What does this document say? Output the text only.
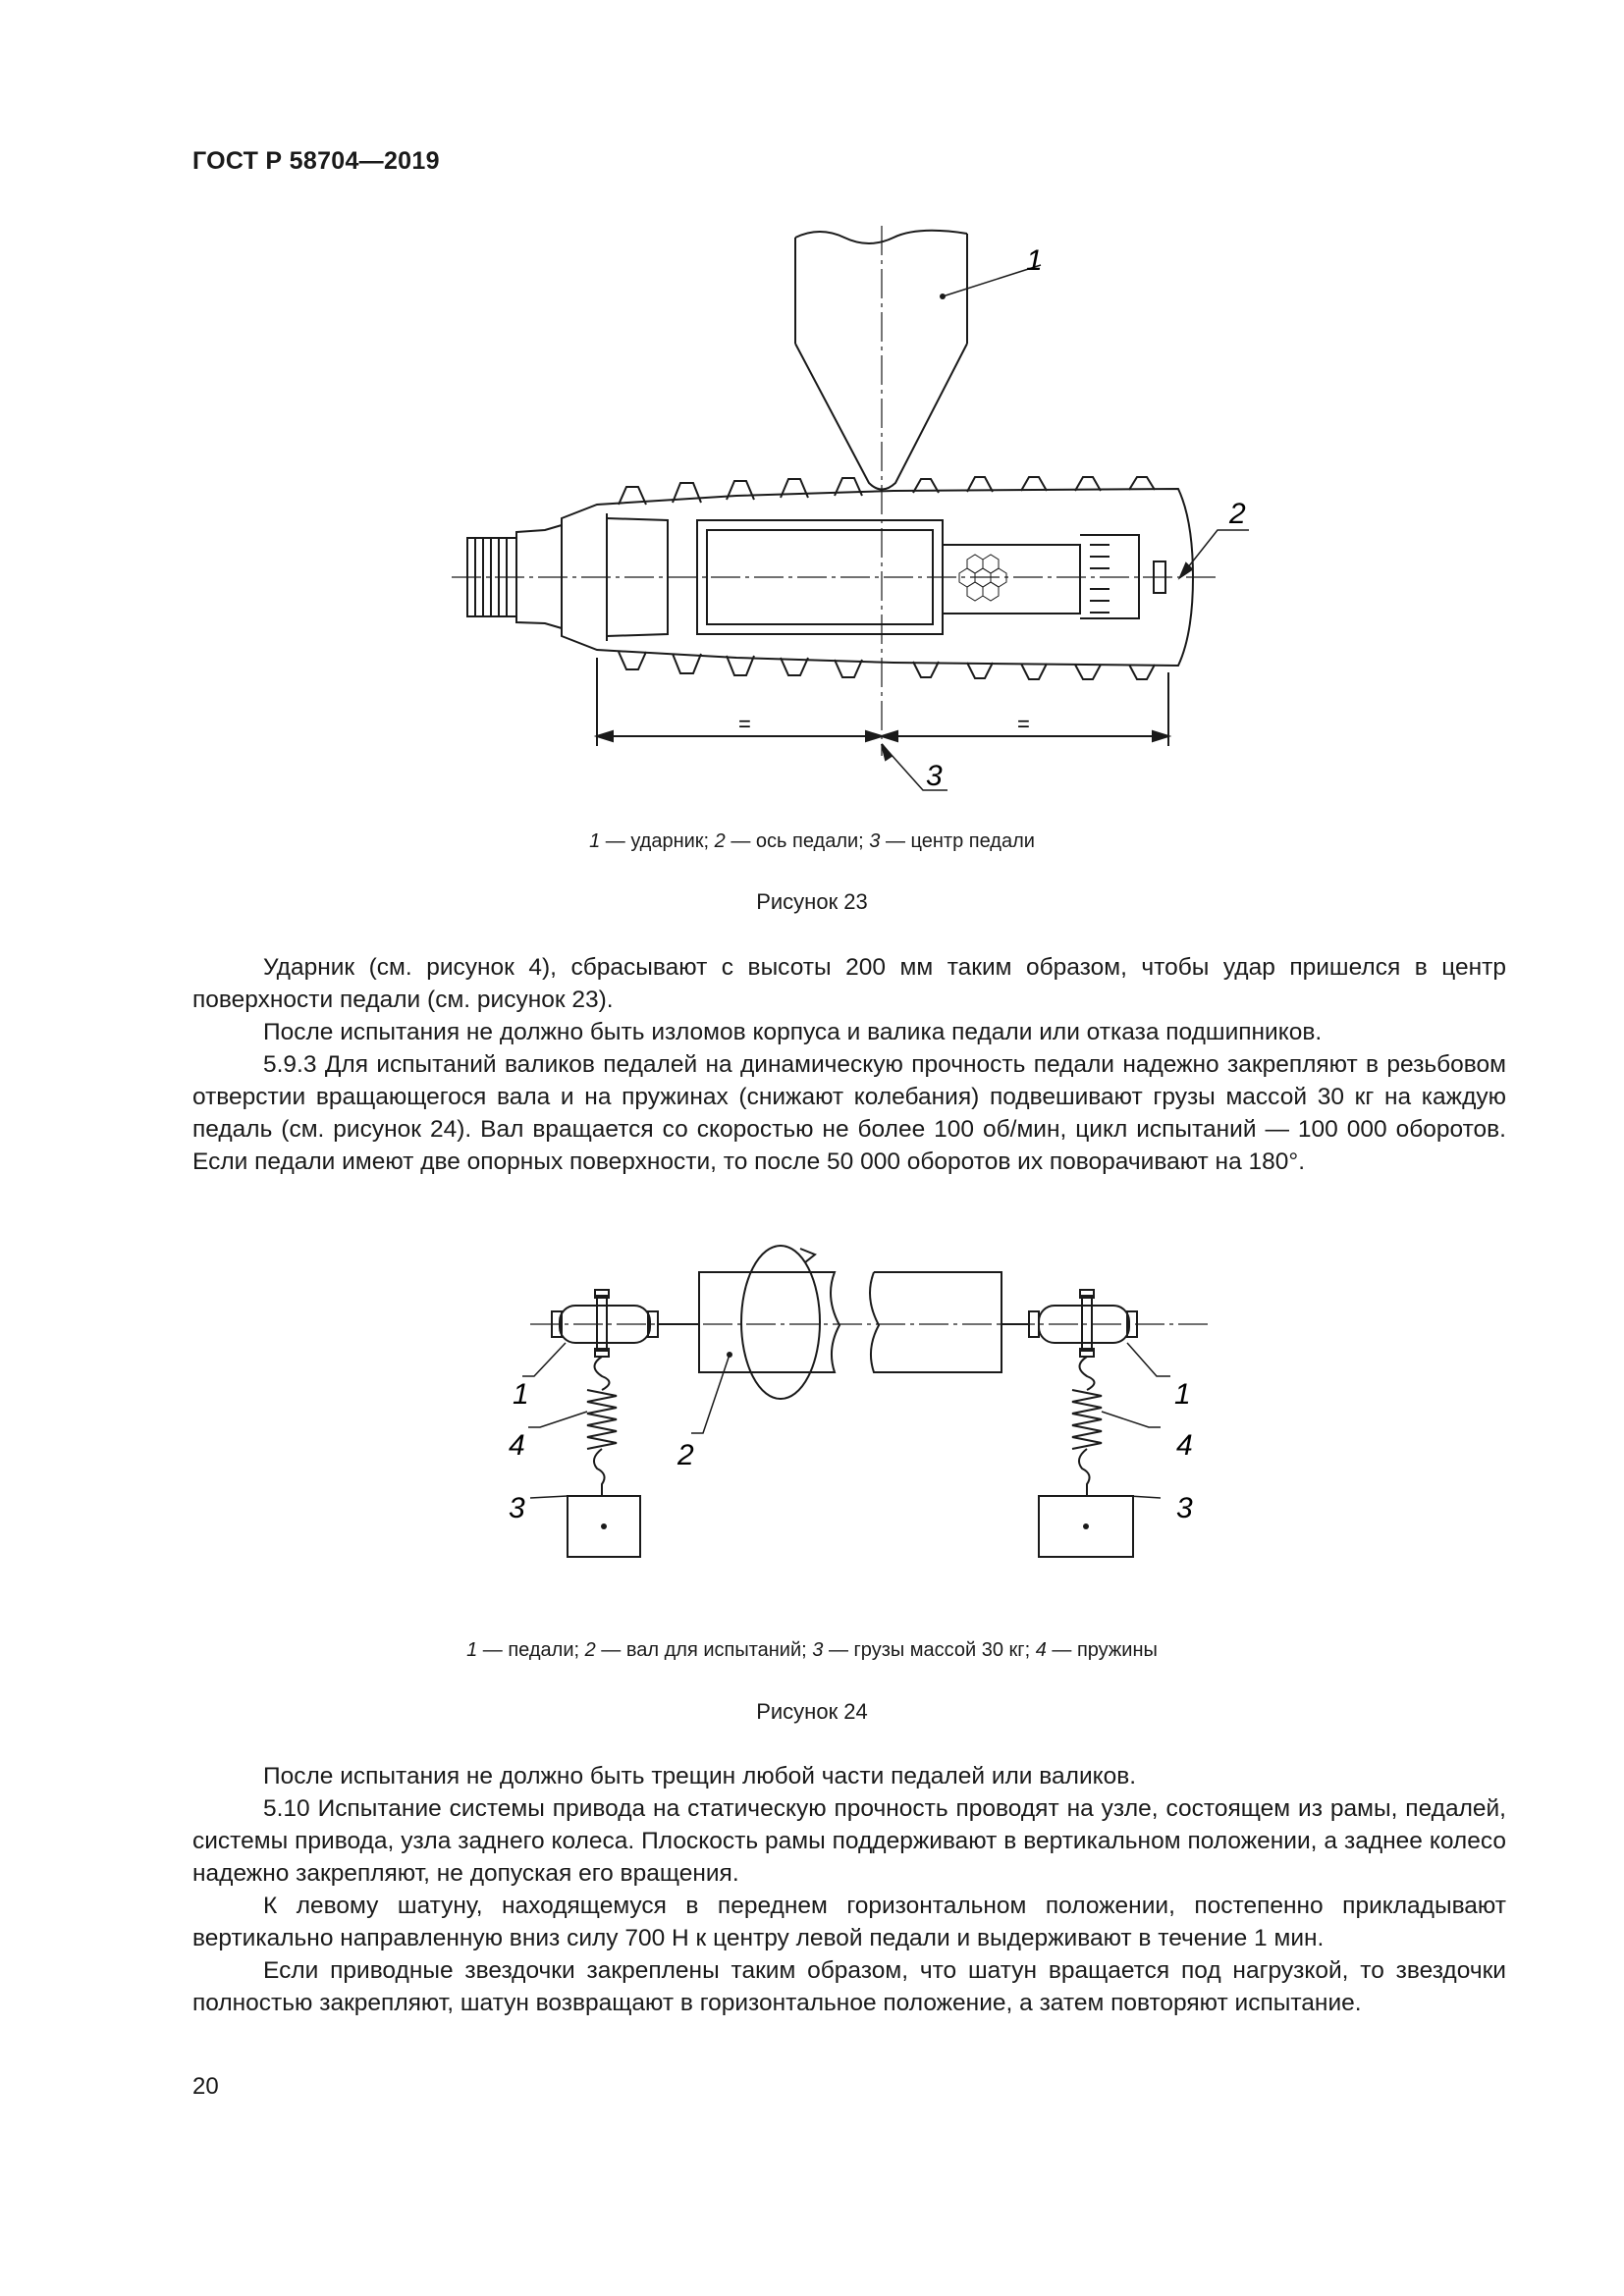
ГОСТ Р 58704—2019
1
2
3
=	=
1 — ударник; 2 — ось педали; 3 — центр педали
Рисунок 23

Ударник (см. рисунок 4), сбрасывают с высоты 200 мм таким образом, чтобы удар пришелся в центр поверхности педали (см. рисунок 23).

После испытания не должно быть изломов корпуса и валика педали или отказа подшипников.

5.9.3 Для испытаний валиков педалей на динамическую прочность педали надежно закрепляют в резьбовом отверстии вращающегося вала и на пружинах (снижают колебания) подвешивают грузы массой 30 кг на каждую педаль (см. рисунок 24). Вал вращается со скоростью не более 100 об/мин, цикл испытаний — 100 000 оборотов. Если педали имеют две опорных поверхности, то после 50 000 оборотов их поворачивают на 180°.

1
4
3
2
1
4
3
1 — педали; 2 — вал для испытаний; 3 — грузы массой 30 кг; 4 — пружины
Рисунок 24

После испытания не должно быть трещин любой части педалей или валиков.

5.10 Испытание системы привода на статическую прочность проводят на узле, состоящем из рамы, педалей, системы привода, узла заднего колеса. Плоскость рамы поддерживают в вертикальном положении, а заднее колесо надежно закрепляют, не допуская его вращения.

К левому шатуну, находящемуся в переднем горизонтальном положении, постепенно прикладывают вертикально направленную вниз силу 700 Н к центру левой педали и выдерживают в течение 1 мин.

Если приводные звездочки закреплены таким образом, что шатун вращается под нагрузкой, то звездочки полностью закрепляют, шатун возвращают в горизонтальное положение, а затем повторяют испытание.

20
